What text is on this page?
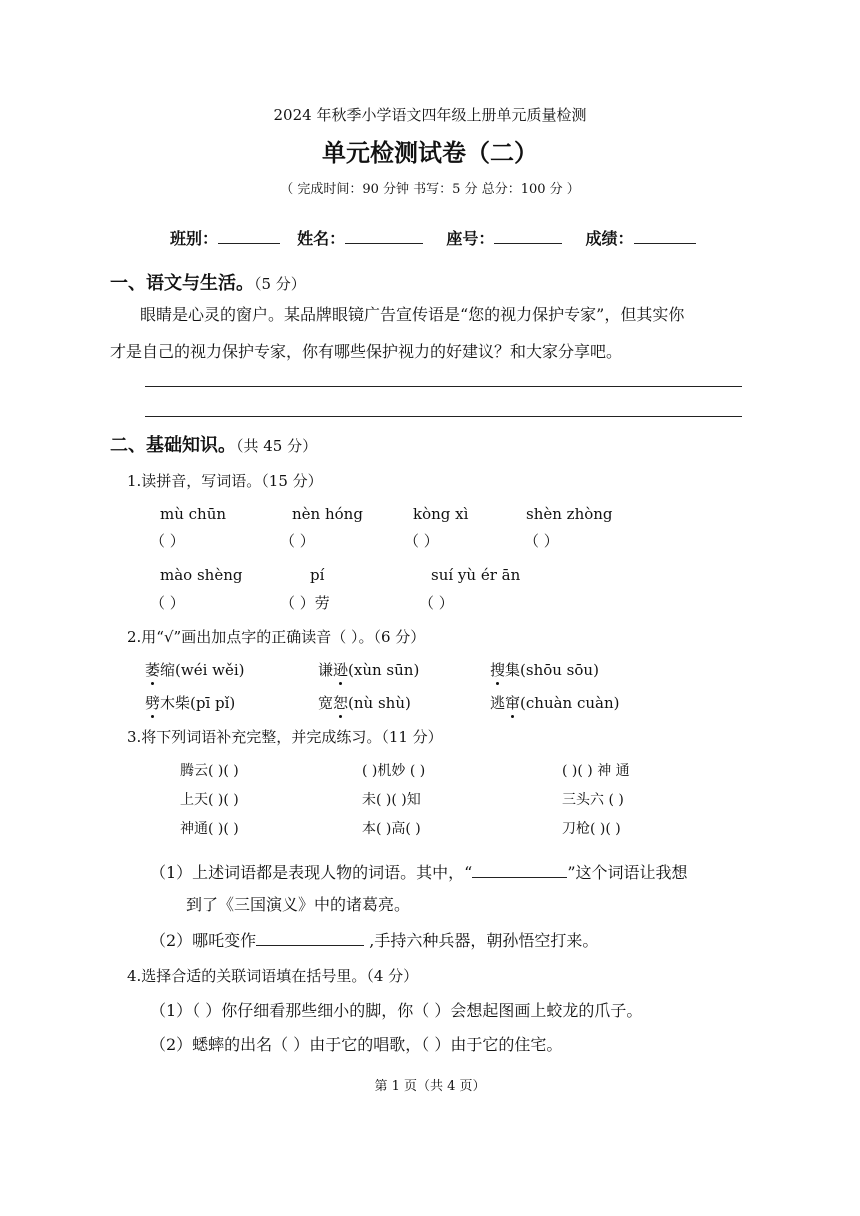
2024 年秋季小学语文四年级上册单元质量检测
单元检测试卷（二）
（ 完成时间：90 分钟 书写：5 分 总分：100 分 ）
班别：	姓名：	座号：	成绩：
一、语文与生活。（5 分）
眼睛是心灵的窗户。某品牌眼镜广告宣传语是“您的视力保护专家”，但其实你
才是自己的视力保护专家，你有哪些保护视力的好建议？和大家分享吧。
二、基础知识。（共 45 分）
1.读拼音，写词语。（15 分）
mù chūn	nèn hóng	kòng xì	shèn zhòng
（ ）	（ ）	（ ）	（ ）
mào shèng	pí	suí yù ér ān
（ ）	（ ）劳	（ ）
2.用“√”画出加点字的正确读音（ ）。（6 分）
萎缩(wéi wěi)	谦逊(xùn sūn)	搜集(shōu sōu)
劈木柴(pī pǐ)	宽恕(nù shù)	逃窜(chuàn cuàn)
3.将下列词语补充完整，并完成练习。（11 分）
腾云( )( )	( )机妙 ( )	( )( ) 神 通
上天( )( )	未( )( )知	三头六 ( )
神通( )( )	本( )高( )	刀枪( )( )
（1）上述词语都是表现人物的词语。其中，“	”这个词语让我想
到了《三国演义》中的诸葛亮。
（2）哪吒变作	,手持六种兵器，朝孙悟空打来。
4.选择合适的关联词语填在括号里。（4 分）
（1）（ ）你仔细看那些细小的脚，你（ ）会想起图画上蛟龙的爪子。
（2）蟋蟀的出名（ ）由于它的唱歌，（ ）由于它的住宅。
第 1 页（共 4 页）
